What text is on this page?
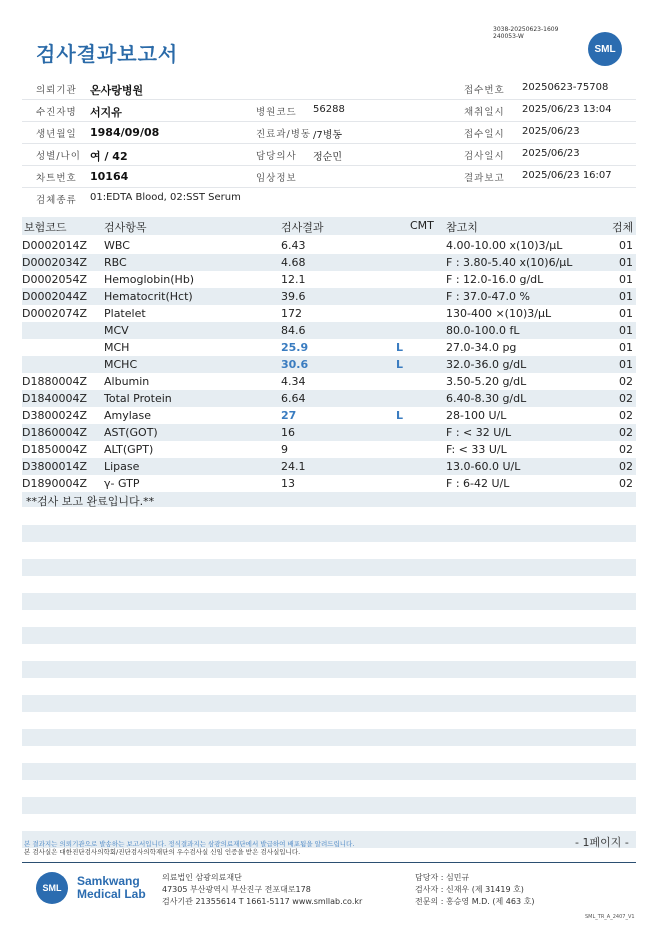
검사결과보고서
3038-20250623-1609
240053-W
SML
의뢰기관 온사랑병원	접수번호 20250623-75708
수진자명 서지유	병원코드 56288	채취일시 2025/06/23 13:04
생년월일 1984/09/08	진료과/병동 /7병동	접수일시 2025/06/23
성별/나이 여 / 42	담당의사 정순민	검사일시 2025/06/23
차트번호 10164	임상정보	결과보고 2025/06/23 16:07
검체종류 01:EDTA Blood, 02:SST Serum
보험코드	검사항목	검사결과	CMT 참고치	검체
D0002014Z WBC	6.43	4.00-10.00 x(10)3/µL	01
D0002034Z RBC	4.68	F : 3.80-5.40 x(10)6/µL	01
D0002054Z Hemoglobin(Hb)	12.1	F : 12.0-16.0 g/dL	01
D0002044Z Hematocrit(Hct)	39.6	F : 37.0-47.0 %	01
D0002074Z Platelet	172	130-400 ×(10)3/µL	01
MCV	84.6	80.0-100.0 fL	01
MCH	25.9	L	27.0-34.0 pg	01
MCHC	30.6	L	32.0-36.0 g/dL	01
D1880004Z Albumin	4.34	3.50-5.20 g/dL	02
D1840004Z Total Protein	6.64	6.40-8.30 g/dL	02
D3800024Z Amylase	27	L	28-100 U/L	02
D1860004Z AST(GOT)	16	F : < 32 U/L	02
D1850004Z ALT(GPT)	9	F: < 33 U/L	02
D3800014Z Lipase	24.1	13.0-60.0 U/L	02
D1890004Z γ- GTP	13	F : 6-42 U/L	02
**검사 보고 완료입니다.**
- 1페이지 -
본 결과지는 의뢰기관으로 발송하는 보고서입니다. 정식결과지는 삼광의료재단에서 발급하여 배포됨을 알려드립니다.
본 검사실은 대한진단검사의학회/진단검사의학재단의 우수검사실 신임 인증을 받은 검사실입니다.
SML	Samkwang
Medical Lab
의료법인 삼광의료재단
47305 부산광역시 부산진구 전포대로178
검사기관 21355614 T 1661-5117 www.smllab.co.kr
담당자 : 심민규
검사자 : 신재우 (제 31419 호)
전문의 : 홍승영 M.D. (제 463 호)
SML_TR_A_2407_V1
